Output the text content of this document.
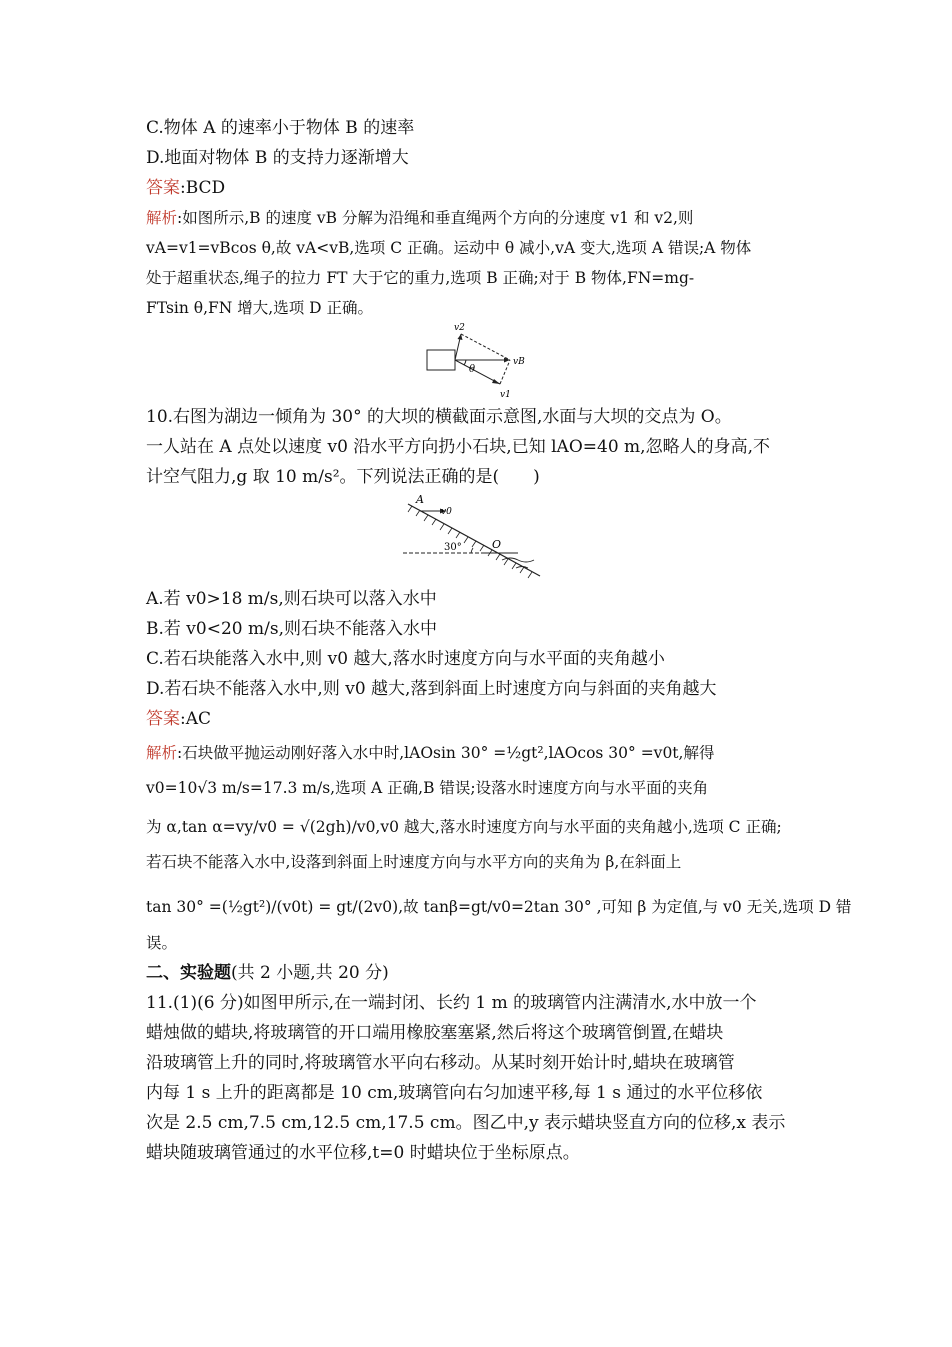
C.物体 A 的速率小于物体 B 的速率
D.地面对物体 B 的支持力逐渐增大
答案:BCD
解析:如图所示,B 的速度 vB 分解为沿绳和垂直绳两个方向的分速度 v1 和 v2,则
vA=v1=vBcos θ,故 vA<vB,选项 C 正确。运动中 θ 减小,vA 变大,选项 A 错误;A 物体
处于超重状态,绳子的拉力 FT 大于它的重力,选项 B 正确;对于 B 物体,FN=mg-
FTsin θ,FN 增大,选项 D 正确。
v2
vB
θ
v1
10.右图为湖边一倾角为 30° 的大坝的横截面示意图,水面与大坝的交点为 O。
一人站在 A 点处以速度 v0 沿水平方向扔小石块,已知 lAO=40 m,忽略人的身高,不
计空气阻力,g 取 10 m/s²。下列说法正确的是(　　)
A
v0
30°	O
A.若 v0>18 m/s,则石块可以落入水中
B.若 v0<20 m/s,则石块不能落入水中
C.若石块能落入水中,则 v0 越大,落水时速度方向与水平面的夹角越小
D.若石块不能落入水中,则 v0 越大,落到斜面上时速度方向与斜面的夹角越大
答案:AC
解析:石块做平抛运动刚好落入水中时,lAOsin 30° =½gt²,lAOcos 30° =v0t,解得
v0=10√3 m/s=17.3 m/s,选项 A 正确,B 错误;设落水时速度方向与水平面的夹角
为 α,tan α=vy/v0 = √(2gh)/v0,v0 越大,落水时速度方向与水平面的夹角越小,选项 C 正确;
若石块不能落入水中,设落到斜面上时速度方向与水平方向的夹角为 β,在斜面上
tan 30° =(½gt²)/(v0t) = gt/(2v0),故 tanβ=gt/v0=2tan 30° ,可知 β 为定值,与 v0 无关,选项 D 错
误。
二、实验题(共 2 小题,共 20 分)
11.(1)(6 分)如图甲所示,在一端封闭、长约 1 m 的玻璃管内注满清水,水中放一个
蜡烛做的蜡块,将玻璃管的开口端用橡胶塞塞紧,然后将这个玻璃管倒置,在蜡块
沿玻璃管上升的同时,将玻璃管水平向右移动。从某时刻开始计时,蜡块在玻璃管
内每 1 s 上升的距离都是 10 cm,玻璃管向右匀加速平移,每 1 s 通过的水平位移依
次是 2.5 cm,7.5 cm,12.5 cm,17.5 cm。图乙中,y 表示蜡块竖直方向的位移,x 表示
蜡块随玻璃管通过的水平位移,t=0 时蜡块位于坐标原点。
